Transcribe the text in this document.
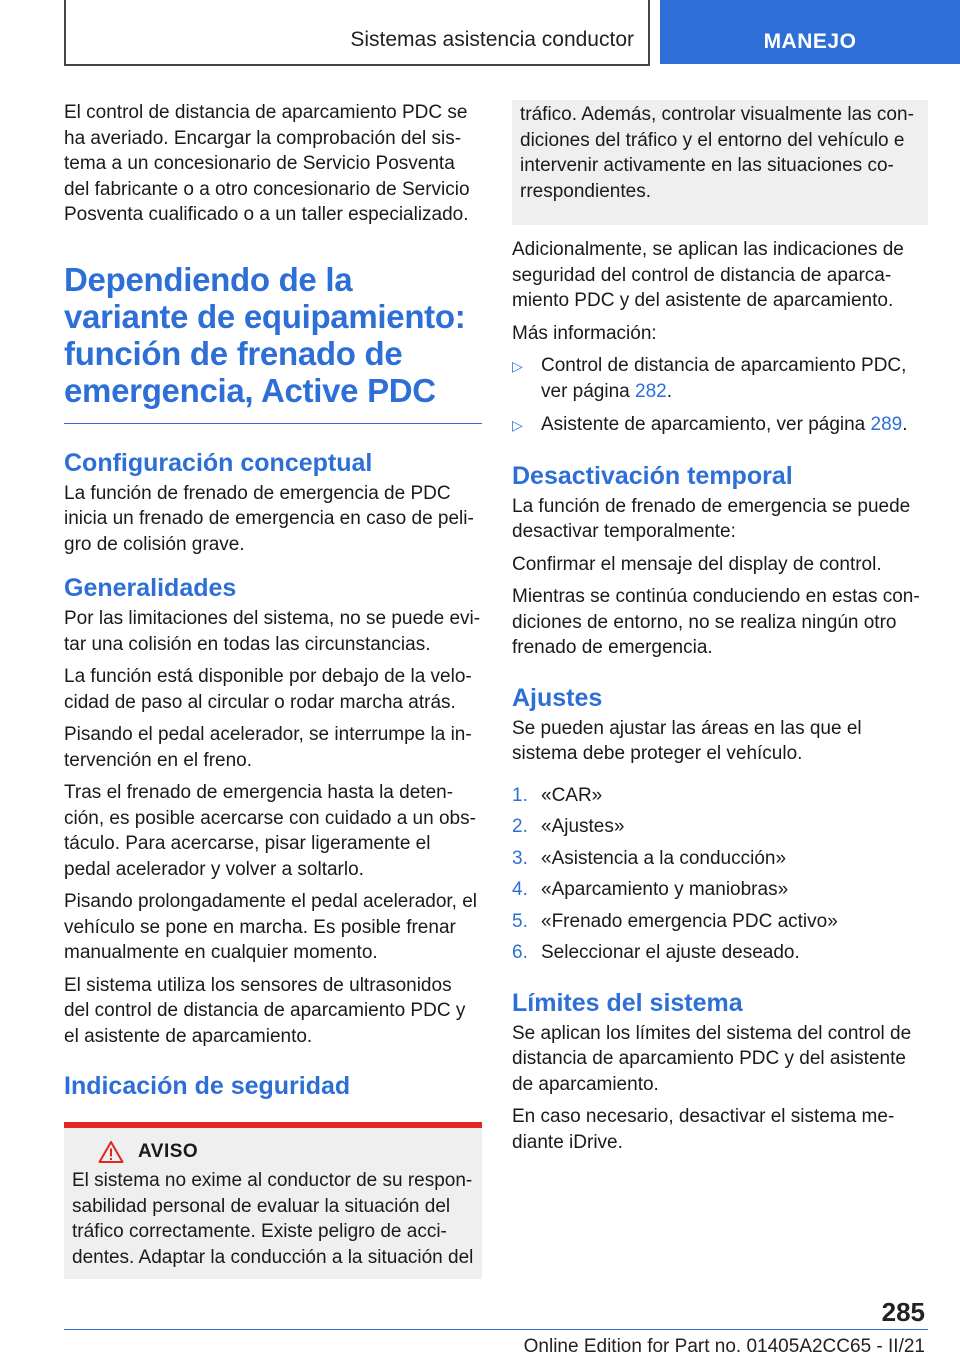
Sistemas asistencia conductor	MANEJO

El control de distancia de aparcamiento PDC se ha averiado. Encargar la comprobación del sis-tema a un concesionario de Servicio Posventa del fabricante o a otro concesionario de Servicio Posventa cualificado o a un taller especializado.

Dependiendo de la variante de equipamiento: función de frenado de emergencia, Active PDC
Configuración conceptual

La función de frenado de emergencia de PDC inicia un frenado de emergencia en caso de peli-gro de colisión grave.

Generalidades

Por las limitaciones del sistema, no se puede evi-tar una colisión en todas las circunstancias.

La función está disponible por debajo de la velo-cidad de paso al circular o rodar marcha atrás.

Pisando el pedal acelerador, se interrumpe la in-tervención en el freno.

Tras el frenado de emergencia hasta la deten-ción, es posible acercarse con cuidado a un obs-táculo. Para acercarse, pisar ligeramente el pedal acelerador y volver a soltarlo.

Pisando prolongadamente el pedal acelerador, el vehículo se pone en marcha. Es posible frenar manualmente en cualquier momento.

El sistema utiliza los sensores de ultrasonidos del control de distancia de aparcamiento PDC y el asistente de aparcamiento.

Indicación de seguridad
AVISO

El sistema no exime al conductor de su respon-sabilidad personal de evaluar la situación del tráfico correctamente. Existe peligro de acci-dentes. Adaptar la conducción a la situación del

tráfico. Además, controlar visualmente las con-diciones del tráfico y el entorno del vehículo e intervenir activamente en las situaciones co-rrespondientes.

Adicionalmente, se aplican las indicaciones de seguridad del control de distancia de aparca-miento PDC y del asistente de aparcamiento.

Más información:

▷ Control de distancia de aparcamiento PDC, ver página 282.
▷ Asistente de aparcamiento, ver página 289.
Desactivación temporal

La función de frenado de emergencia se puede desactivar temporalmente:

Confirmar el mensaje del display de control.

Mientras se continúa conduciendo en estas con-diciones de entorno, no se realiza ningún otro frenado de emergencia.

Ajustes

Se pueden ajustar las áreas en las que el sistema debe proteger el vehículo.

1. «CAR»
2. «Ajustes»
3. «Asistencia a la conducción»
4. «Aparcamiento y maniobras»
5. «Frenado emergencia PDC activo»
6. Seleccionar el ajuste deseado.
Límites del sistema

Se aplican los límites del sistema del control de distancia de aparcamiento PDC y del asistente de aparcamiento.

En caso necesario, desactivar el sistema me-diante iDrive.

285
Online Edition for Part no. 01405A2CC65 - II/21
